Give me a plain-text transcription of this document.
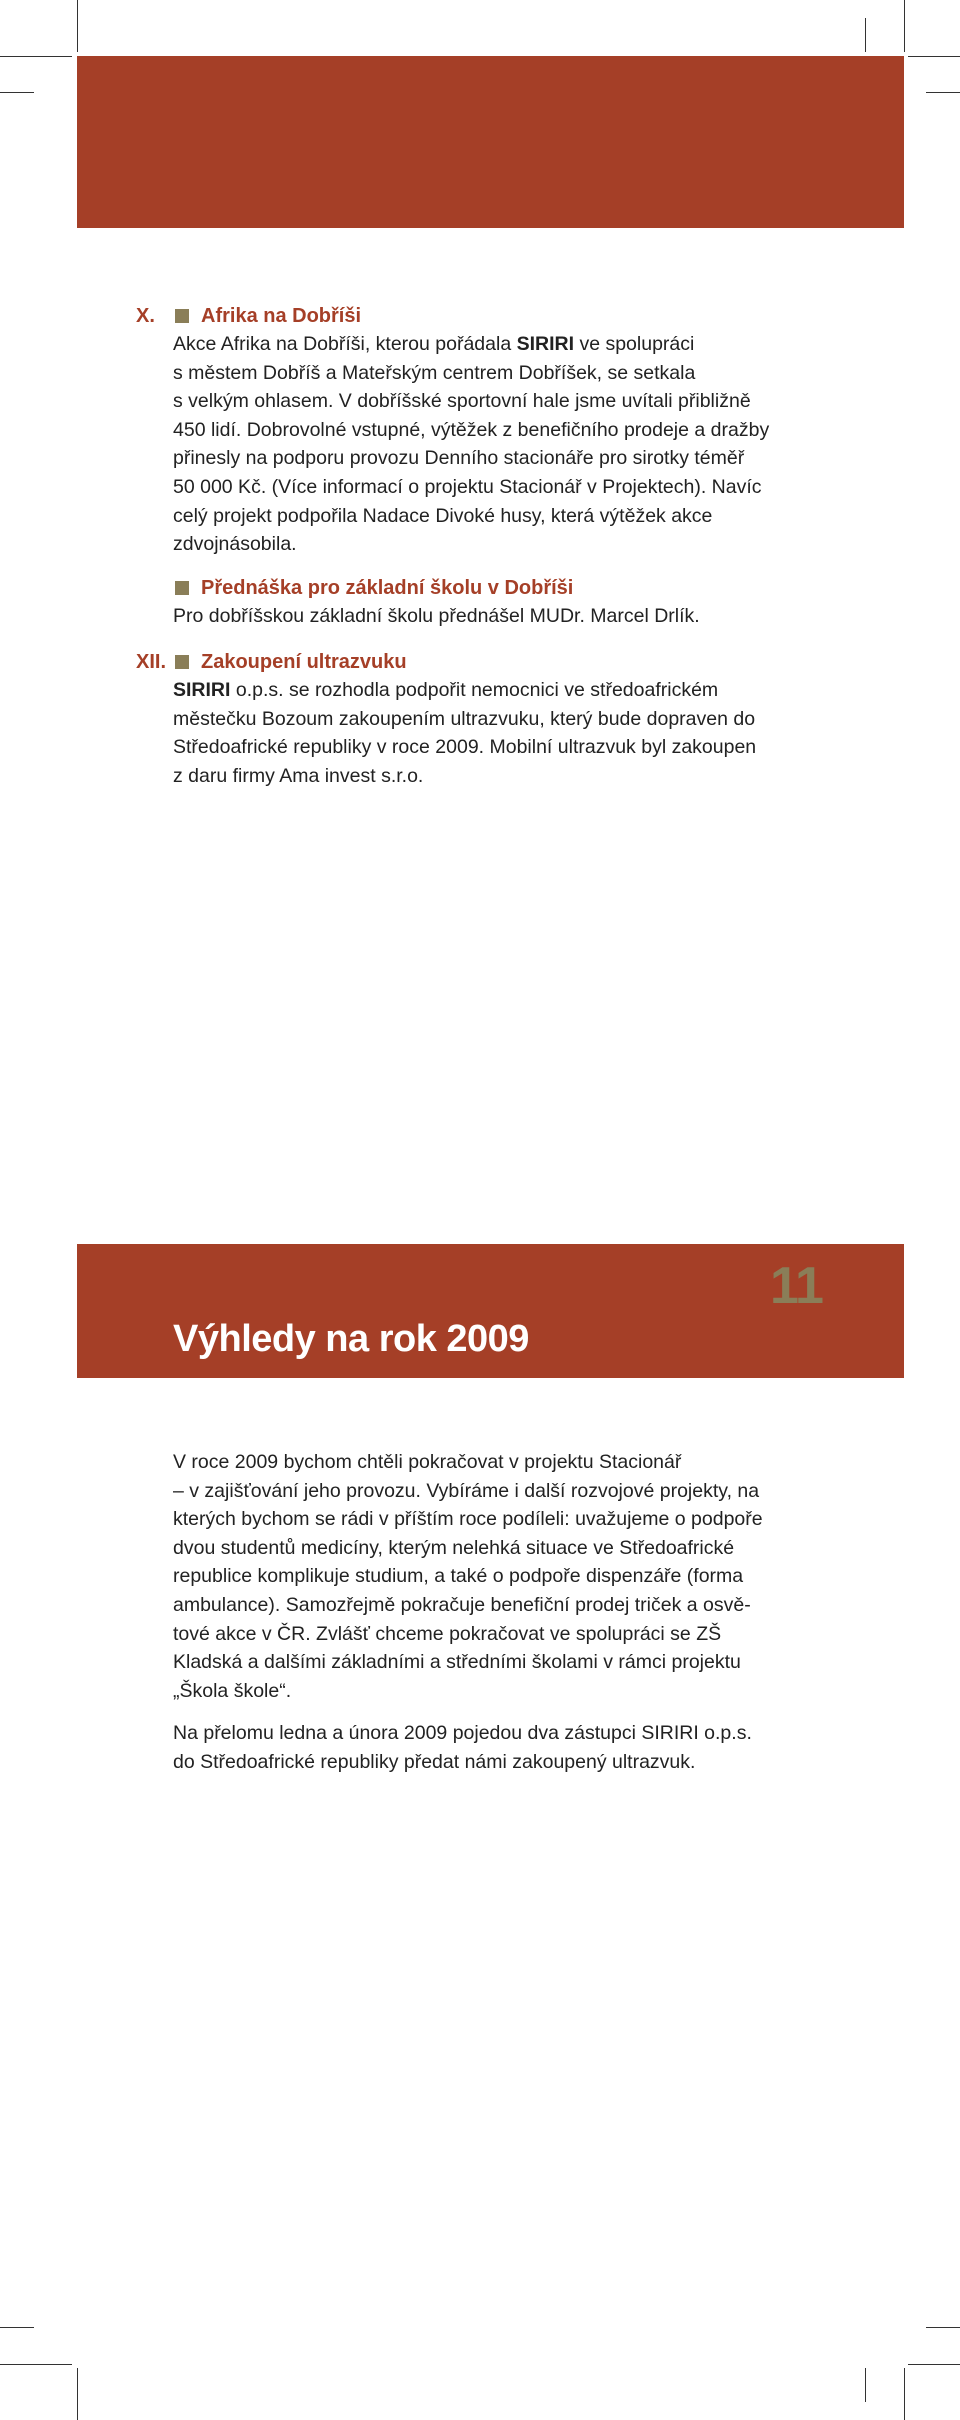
X.	Afrika na Dobříši

Akce Afrika na Dobříši, kterou pořádala SIRIRI ve spolupráci

s městem Dobříš a Mateřským centrem Dobříšek, se setkala

s velkým ohlasem. V dobříšské sportovní hale jsme uvítali přibližně

450 lidí. Dobrovolné vstupné, výtěžek z benefičního prodeje a dražby

přinesly na podporu provozu Denního stacionáře pro sirotky téměř

50 000 Kč. (Více informací o projektu Stacionář v Projektech). Navíc

celý projekt podpořila Nadace Divoké husy, která výtěžek akce

zdvojnásobila.

Přednáška pro základní školu v Dobříši

Pro dobříšskou základní školu přednášel MUDr. Marcel Drlík.

XII.	Zakoupení ultrazvuku

SIRIRI o.p.s. se rozhodla podpořit nemocnici ve středoafrickém

městečku Bozoum zakoupením ultrazvuku, který bude dopraven do

Středoafrické republiky v roce 2009. Mobilní ultrazvuk byl zakoupen

z daru firmy Ama invest s.r.o.

11
Výhledy na rok 2009

V roce 2009 bychom chtěli pokračovat v projektu Stacionář
– v zajišťování jeho provozu. Vybíráme i další rozvojové projekty, na
kterých bychom se rádi v příštím roce podíleli: uvažujeme o podpoře
dvou studentů medicíny, kterým nelehká situace ve Středoafrické
republice komplikuje studium, a také o podpoře dispenzáře (forma
ambulance). Samozřejmě pokračuje benefiční prodej triček a osvě-
tové akce v ČR. Zvlášť chceme pokračovat ve spolupráci se ZŠ
Kladská a dalšími základními a středními školami v rámci projektu
„Škola škole“.

Na přelomu ledna a února 2009 pojedou dva zástupci SIRIRI o.p.s.
do Středoafrické republiky předat námi zakoupený ultrazvuk.
